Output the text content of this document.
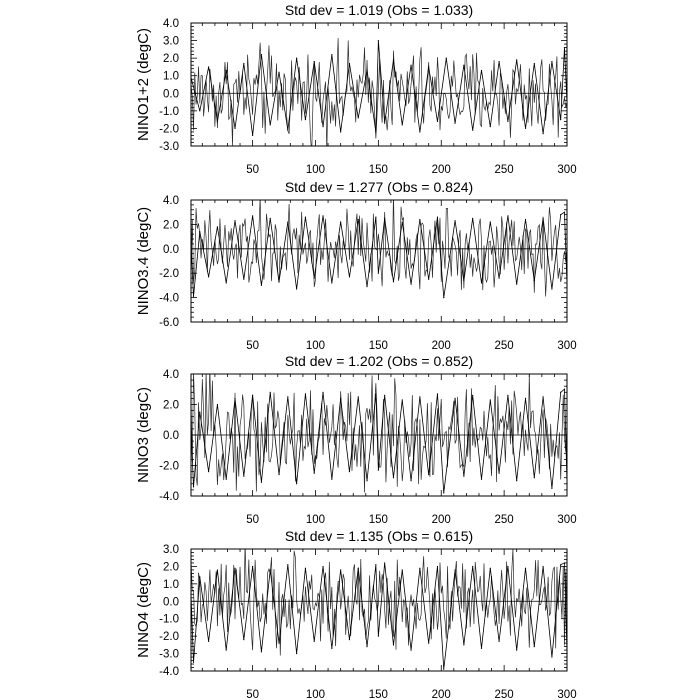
Std dev = 1.019 (Obs = 1.033)
NINO1+2 (degC)
50	100	150	200	250	300
-3.0
-2.0
-1.0
0.0
1.0
2.0
3.0
4.0
Std dev = 1.277 (Obs = 0.824)
NINO3.4 (degC)
50	100	150	200	250	300
-6.0
-4.0
-2.0
0.0
2.0
4.0
Std dev = 1.202 (Obs = 0.852)
NINO3 (degC)
50	100	150	200	250	300
-4.0
-2.0
0.0
2.0
4.0
Std dev = 1.135 (Obs = 0.615)
NINO4 (degC)
50	100	150	200	250	300
-4.0
-3.0
-2.0
-1.0
0.0
1.0
2.0
3.0
